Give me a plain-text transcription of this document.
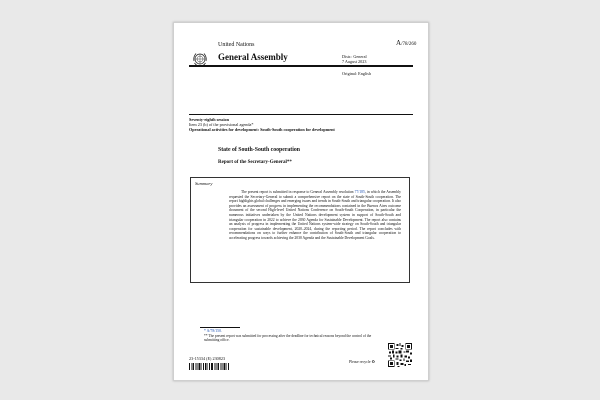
United Nations	A/78/260
General Assembly	Distr.: General
7 August 2023
Original: English
Seventy-eighth session
Item 23 (b) of the provisional agenda*
Operational activities for development: South-South cooperation for development
State of South-South cooperation
Report of the Secretary-General**
Summary
The present report is submitted in response to General Assembly resolution 77/185, in which the Assembly requested the Secretary-General to submit a comprehensive report on the state of South-South cooperation. The report highlights global challenges and emerging issues and trends in South-South and triangular cooperation. It also provides an assessment of progress in implementing the recommendations contained in the Buenos Aires outcome document of the second High-level United Nations Conference on South-South Cooperation, in particular the numerous initiatives undertaken by the United Nations development system in support of South-South and triangular cooperation in 2022 to achieve the 2030 Agenda for Sustainable Development. The report also contains an analysis of progress in implementing the United Nations system-wide strategy on South-South and triangular cooperation for sustainable development, 2020–2024, during the reporting period. The report concludes with recommendations on ways to further enhance the contribution of South-South and triangular cooperation to accelerating progress towards achieving the 2030 Agenda and the Sustainable Development Goals.
* A/78/150.
** The present report was submitted for processing after the deadline for technical reasons beyond the control of the submitting office.
23-15334 (E) 230823
Please recycle ♻
